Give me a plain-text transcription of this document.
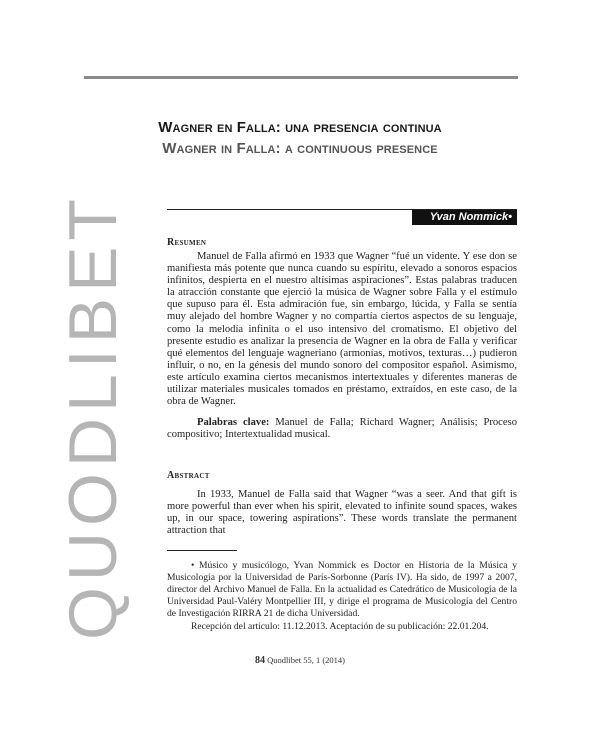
Wagner en Falla: una presencia continua
Wagner in Falla: a continuous presence
Yvan Nommick•
QUODLIBET	Resumen

Manuel de Falla afirmó en 1933 que Wagner “fué un vidente. Y ese don se manifiesta más potente que nunca cuando su espíritu, elevado a sonoros espacios infinitos, despierta en el nuestro altísimas aspiraciones”. Estas palabras traducen la atracción constante que ejerció la música de Wagner sobre Falla y el estímulo que supuso para él. Esta admiración fue, sin embargo, lúcida, y Falla se sentía muy alejado del hombre Wagner y no compartía ciertos aspectos de su lenguaje, como la melodía infinita o el uso intensivo del cromatismo. El objetivo del presente estudio es analizar la presencia de Wagner en la obra de Falla y verificar qué elementos del lenguaje wagneriano (armonías, motivos, texturas…) pudieron influir, o no, en la génesis del mundo sonoro del compositor español. Asimismo, este artículo examina ciertos mecanismos intertextuales y diferentes maneras de utilizar materiales musicales tomados en préstamo, extraídos, en este caso, de la obra de Wagner.

Palabras clave: Manuel de Falla; Richard Wagner; Análisis; Proceso compositivo; Intertextualidad musical.

Abstract

In 1933, Manuel de Falla said that Wagner “was a seer. And that gift is more powerful than ever when his spirit, elevated to infinite sound spaces, wakes up, in our space, towering aspirations”. These words translate the permanent attraction that

• Músico y musicólogo, Yvan Nommick es Doctor en Historia de la Música y Musicología por la Universidad de París-Sorbonne (París IV). Ha sido, de 1997 a 2007, director del Archivo Manuel de Falla. En la actualidad es Catedrático de Musicología de la Universidad Paul-Valéry Montpellier III, y dirige el programa de Musicología del Centro de Investigación RIRRA 21 de dicha Universidad.

Recepción del artículo: 11.12.2013. Aceptación de su publicación: 22.01.204.

84 Quodlibet 55, 1 (2014)
